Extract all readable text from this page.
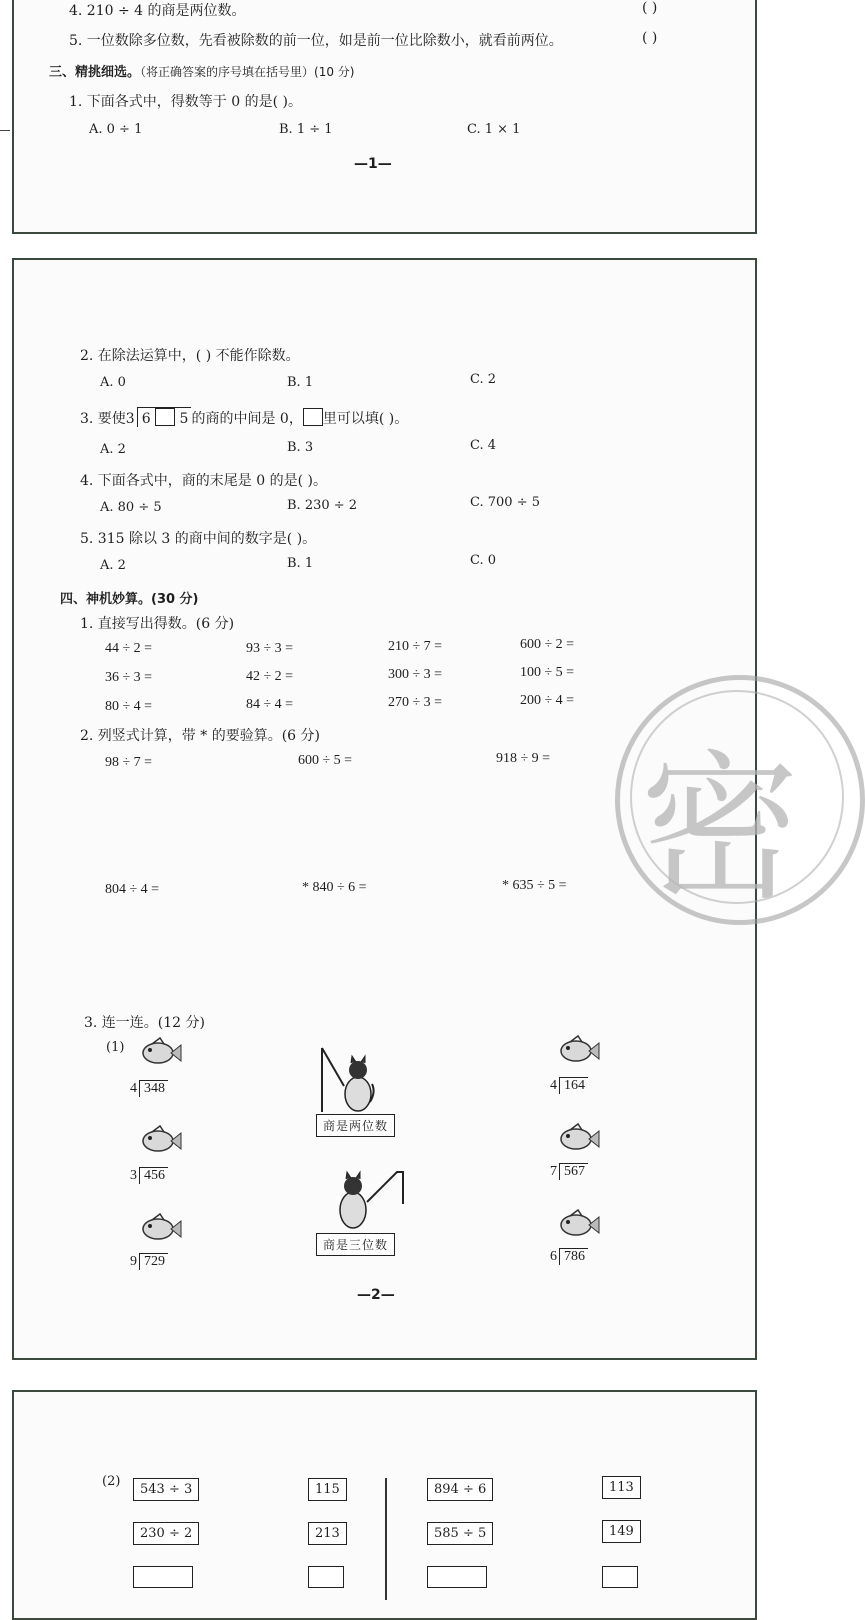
4. 210 ÷ 4 的商是两位数。	( )
5. 一位数除多位数，先看被除数的前一位，如是前一位比除数小，就看前两位。	( )
三、精挑细选。（将正确答案的序号填在括号里）(10 分)
1. 下面各式中，得数等于 0 的是( )。
A. 0 ÷ 1	B. 1 ÷ 1	C. 1 × 1
—1—
密
2. 在除法运算中，( ) 不能作除数。
A. 0	B. 1	C. 2
3. 要使3 6 5 的商的中间是 0， 里可以填( )。
A. 2	B. 3	C. 4
4. 下面各式中，商的末尾是 0 的是( )。
A. 80 ÷ 5	B. 230 ÷ 2	C. 700 ÷ 5
5. 315 除以 3 的商中间的数字是( )。
A. 2	B. 1	C. 0
四、神机妙算。(30 分)
1. 直接写出得数。(6 分)
44 ÷ 2 =	93 ÷ 3 =	210 ÷ 7 =	600 ÷ 2 =
36 ÷ 3 =	42 ÷ 2 =	300 ÷ 3 =	100 ÷ 5 =
80 ÷ 4 =	84 ÷ 4 =	270 ÷ 3 =	200 ÷ 4 =
2. 列竖式计算，带 * 的要验算。(6 分)
98 ÷ 7 =	600 ÷ 5 =	918 ÷ 9 =
804 ÷ 4 =	* 840 ÷ 6 =	* 635 ÷ 5 =
3. 连一连。(12 分)
(1)
4 348
3 456
9 729
商是两位数
商是三位数
4 164
7 567
6 786
—2—
(2)
543 ÷ 3
230 ÷ 2
115
213
894 ÷ 6
585 ÷ 5
113
149
